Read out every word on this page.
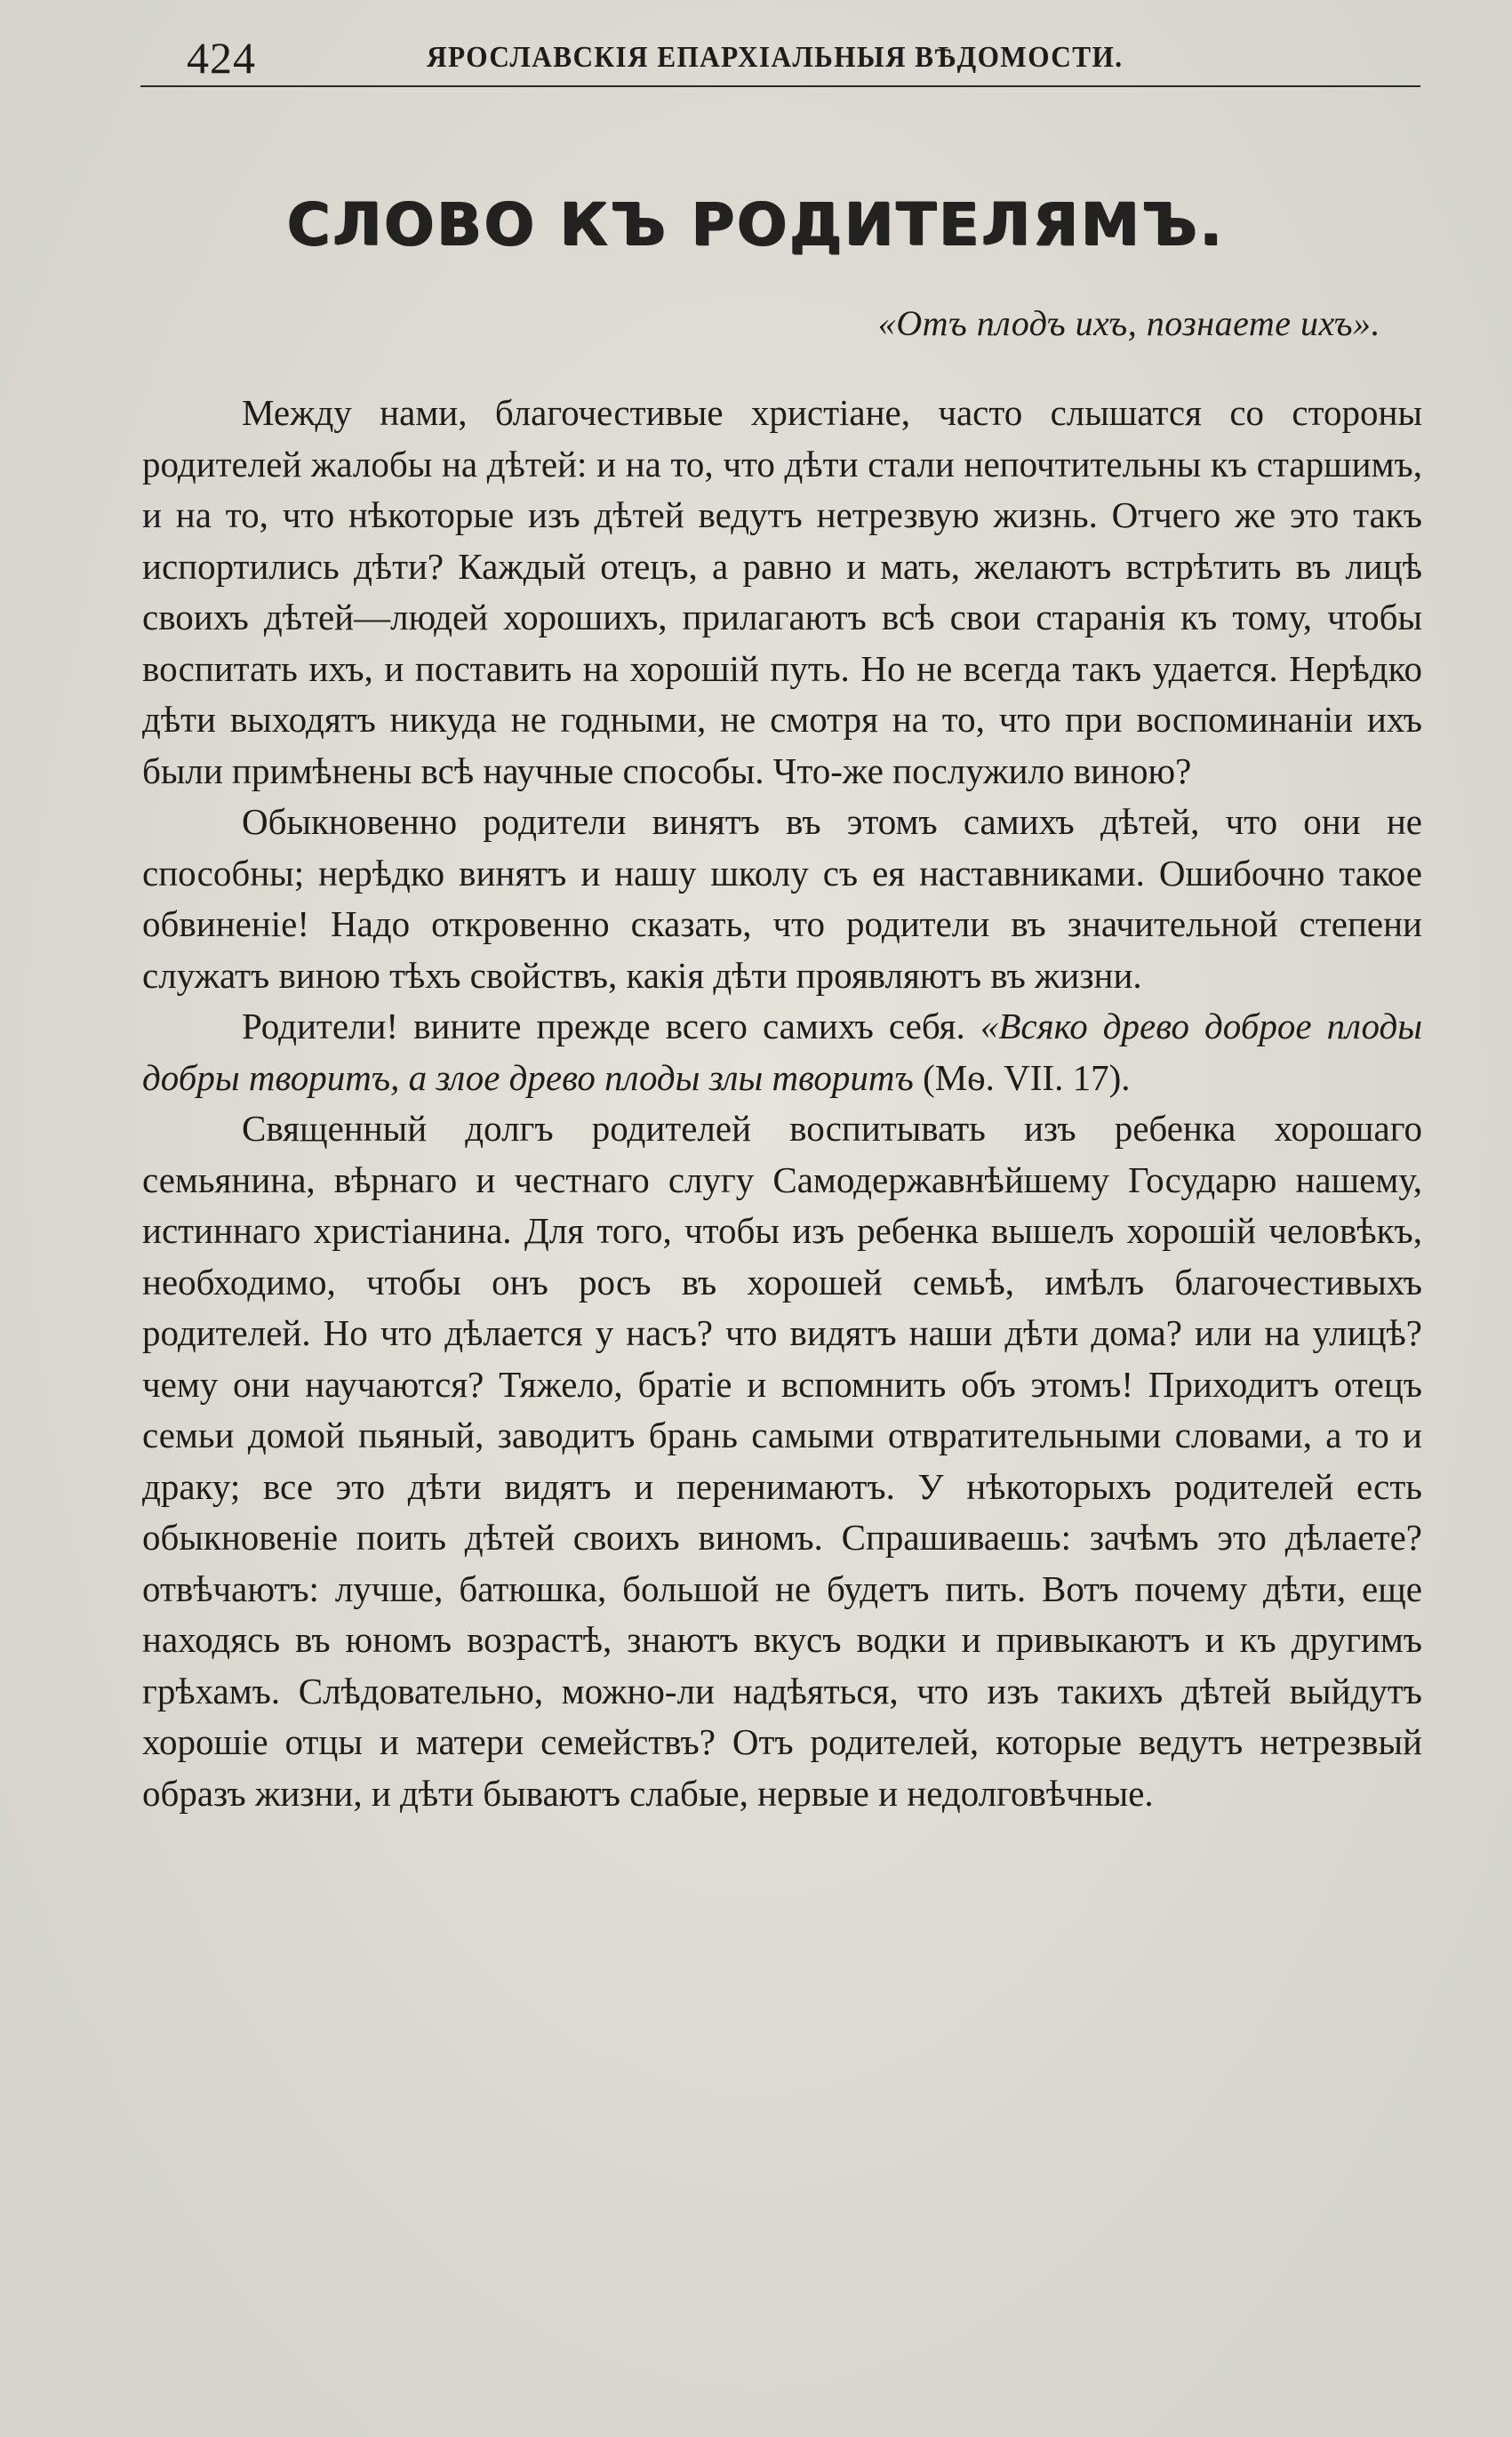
424	ЯРОСЛАВСКІЯ ЕПАРХІАЛЬНЫЯ ВѢДОМОСТИ.
СЛОВО КЪ РОДИТЕЛЯМЪ.
«Отъ плодъ ихъ, познаете ихъ».

Между нами, благочестивые христіане, часто слышатся со стороны родителей жалобы на дѣтей: и на то, что дѣти стали непочтительны къ старшимъ, и на то, что нѣкоторые изъ дѣтей ведутъ нетрезвую жизнь. Отчего же это такъ испортились дѣти? Каждый отецъ, а равно и мать, желаютъ встрѣтить въ лицѣ своихъ дѣтей—людей хорошихъ, прилагаютъ всѣ свои старанія къ тому, чтобы воспитать ихъ, и поставить на хорошій путь. Но не всегда такъ удается. Нерѣдко дѣти выходятъ никуда не годными, не смотря на то, что при воспоминаніи ихъ были примѣнены всѣ научные способы. Что-же послужило виною?

Обыкновенно родители винятъ въ этомъ самихъ дѣтей, что они не способны; нерѣдко винятъ и нашу школу съ ея наставниками. Ошибочно такое обвиненіе! Надо откровенно сказать, что родители въ значительной степени служатъ виною тѣхъ свойствъ, какія дѣти проявляютъ въ жизни.

Родители! вините прежде всего самихъ себя. «Всяко древо доброе плоды добры творитъ, а злое древо плоды злы творитъ (Мѳ. VII. 17).

Священный долгъ родителей воспитывать изъ ребенка хорошаго семьянина, вѣрнаго и честнаго слугу Самодержавнѣйшему Государю нашему, истиннаго христіанина. Для того, чтобы изъ ребенка вышелъ хорошій человѣкъ, необходимо, чтобы онъ росъ въ хорошей семьѣ, имѣлъ благочестивыхъ родителей. Но что дѣлается у насъ? что видятъ наши дѣти дома? или на улицѣ? чему они научаются? Тяжело, братіе и вспомнить объ этомъ! Приходитъ отецъ семьи домой пьяный, заводитъ брань самыми отвратительными словами, а то и драку; все это дѣти видятъ и перенимаютъ. У нѣкоторыхъ родителей есть обыкновеніе поить дѣтей своихъ виномъ. Спрашиваешь: зачѣмъ это дѣлаете? отвѣчаютъ: лучше, батюшка, большой не будетъ пить. Вотъ почему дѣти, еще находясь въ юномъ возрастѣ, знаютъ вкусъ водки и привыкаютъ и къ другимъ грѣхамъ. Слѣдовательно, можно-ли надѣяться, что изъ такихъ дѣтей выйдутъ хорошіе отцы и матери семействъ? Отъ родителей, которые ведутъ нетрезвый образъ жизни, и дѣти бываютъ слабые, нервые и недолговѣчные.
